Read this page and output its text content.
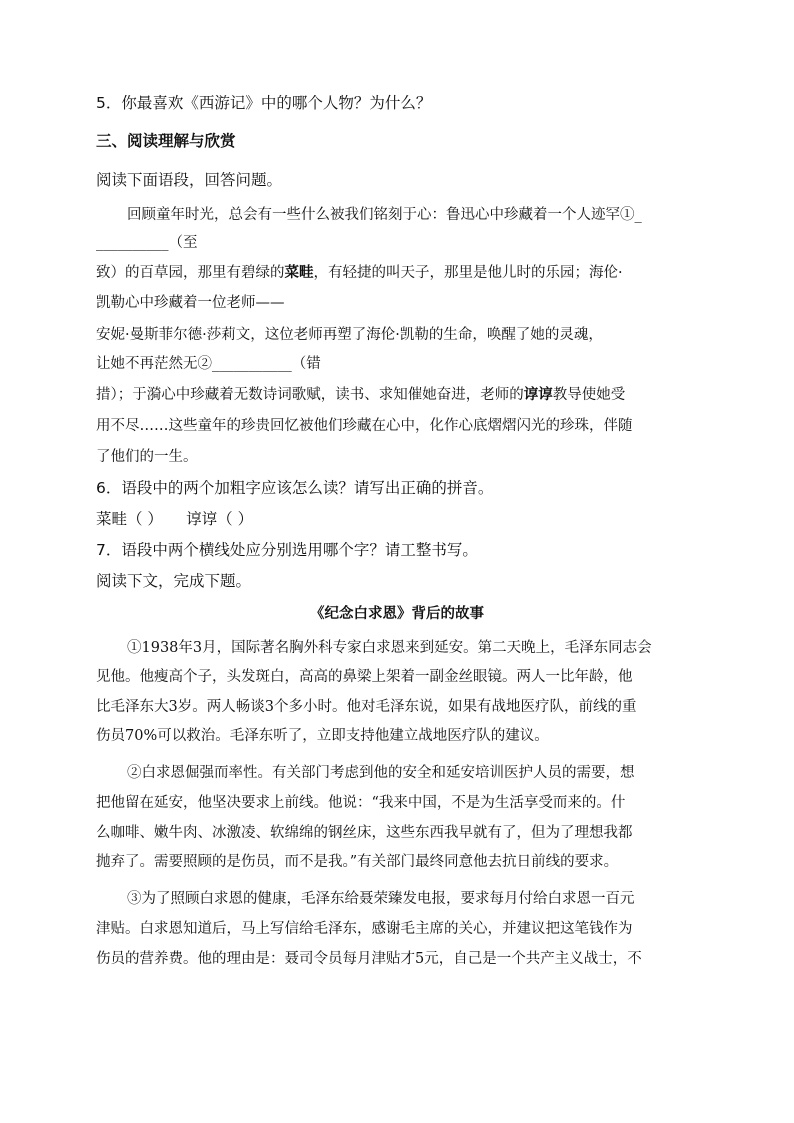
5．你最喜欢《西游记》中的哪个人物？为什么？
三、阅读理解与欣赏
阅读下面语段，回答问题。
回顾童年时光，总会有一些什么被我们铭刻于心：鲁迅心中珍藏着一个人迹罕①_
__________（至
致）的百草园，那里有碧绿的菜畦，有轻捷的叫天子，那里是他儿时的乐园；海伦·
凯勒心中珍藏着一位老师——
安妮·曼斯菲尔德·莎莉文，这位老师再塑了海伦·凯勒的生命，唤醒了她的灵魂，
让她不再茫然无②___________（错
措）；于漪心中珍藏着无数诗词歌赋，读书、求知催她奋进，老师的谆谆教导使她受
用不尽……这些童年的珍贵回忆被他们珍藏在心中，化作心底熠熠闪光的珍珠，伴随
了他们的一生。
6．语段中的两个加粗字应该怎么读？请写出正确的拼音。
菜畦（ ）　　谆谆（ ）
7．语段中两个横线处应分别选用哪个字？请工整书写。
阅读下文，完成下题。
《纪念白求恩》背后的故事
①1938年3月，国际著名胸外科专家白求恩来到延安。第二天晚上，毛泽东同志会
见他。他瘦高个子，头发斑白，高高的鼻梁上架着一副金丝眼镜。两人一比年龄，他
比毛泽东大3岁。两人畅谈3个多小时。他对毛泽东说，如果有战地医疗队，前线的重
伤员70%可以救治。毛泽东听了，立即支持他建立战地医疗队的建议。
②白求恩倔强而率性。有关部门考虑到他的安全和延安培训医护人员的需要，想
把他留在延安，他坚决要求上前线。他说：“我来中国，不是为生活享受而来的。什
么咖啡、嫩牛肉、冰激凌、软绵绵的钢丝床，这些东西我早就有了，但为了理想我都
抛弃了。需要照顾的是伤员，而不是我。”有关部门最终同意他去抗日前线的要求。
③为了照顾白求恩的健康，毛泽东给聂荣臻发电报，要求每月付给白求恩一百元
津贴。白求恩知道后，马上写信给毛泽东，感谢毛主席的关心，并建议把这笔钱作为
伤员的营养费。他的理由是：聂司令员每月津贴才5元，自己是一个共产主义战士，不
